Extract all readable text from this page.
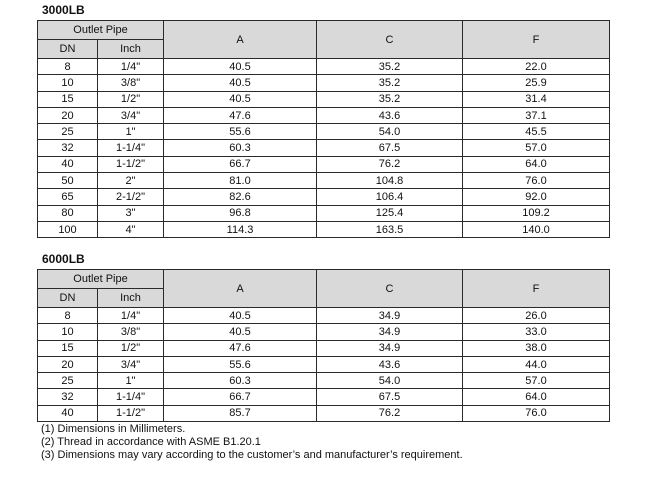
3000LB
Outlet Pipe		A	C	F
DN	Inch			
8	1/4"	40.5	35.2	22.0
10	3/8"	40.5	35.2	25.9
15	1/2"	40.5	35.2	31.4
20	3/4"	47.6	43.6	37.1
25	1"	55.6	54.0	45.5
32	1-1/4"	60.3	67.5	57.0
40	1-1/2"	66.7	76.2	64.0
50	2"	81.0	104.8	76.0
65	2-1/2"	82.6	106.4	92.0
80	3"	96.8	125.4	109.2
100	4"	114.3	163.5	140.0
6000LB
Outlet Pipe		A	C	F
DN	Inch			
8	1/4"	40.5	34.9	26.0
10	3/8"	40.5	34.9	33.0
15	1/2"	47.6	34.9	38.0
20	3/4"	55.6	43.6	44.0
25	1"	60.3	54.0	57.0
32	1-1/4"	66.7	67.5	64.0
40	1-1/2"	85.7	76.2	76.0
(1) Dimensions in Millimeters.
(2) Thread in accordance with ASME B1.20.1
(3) Dimensions may vary according to the customer’s and manufacturer’s requirement.
